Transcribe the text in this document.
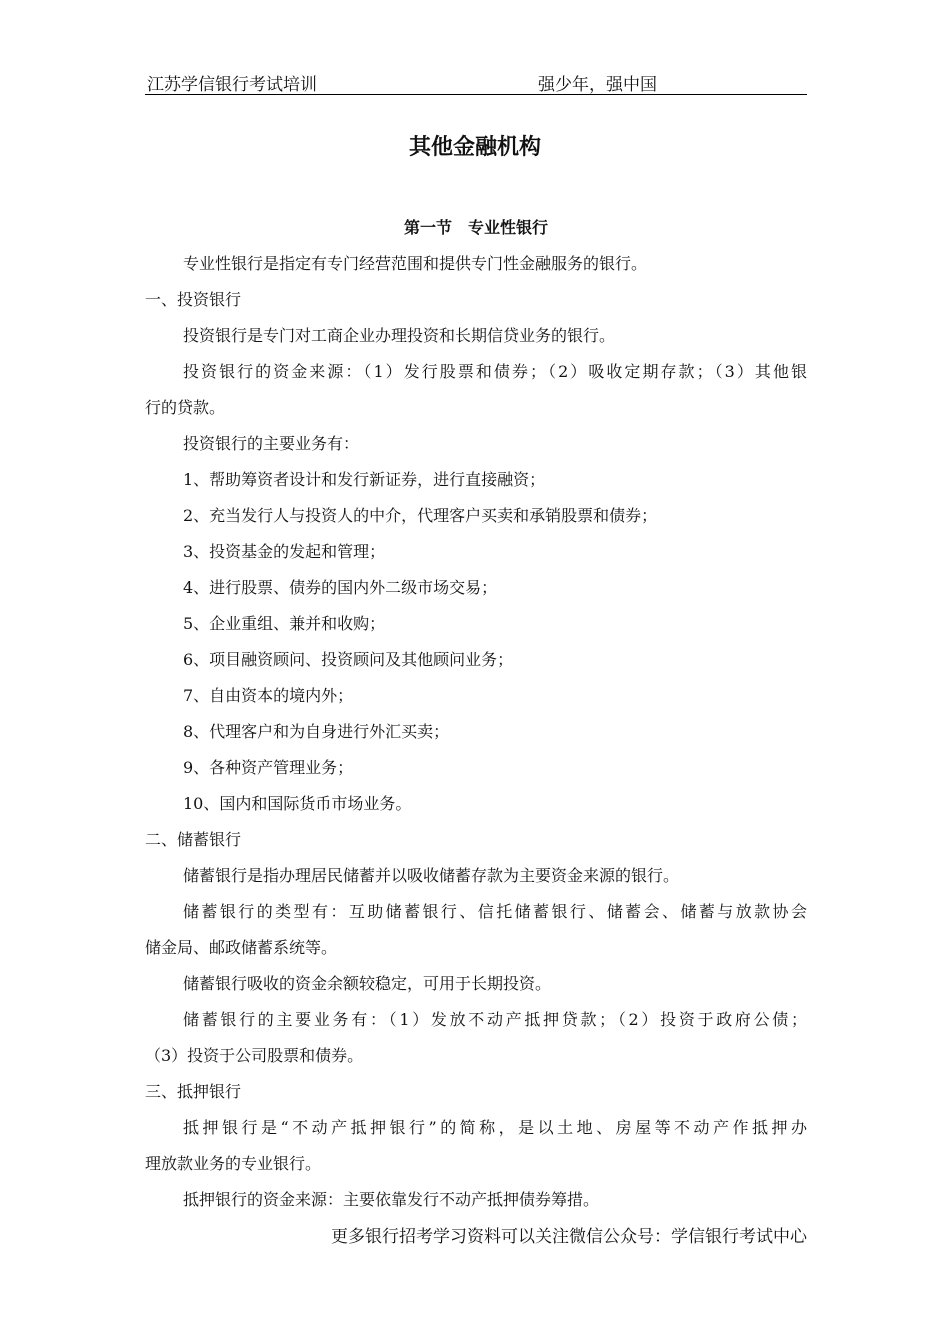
江苏学信银行考试培训	强少年，强中国
其他金融机构
第一节　专业性银行
专业性银行是指定有专门经营范围和提供专门性金融服务的银行。
一、投资银行
投资银行是专门对工商企业办理投资和长期信贷业务的银行。
投资银行的资金来源：（1）发行股票和债券；（2）吸收定期存款；（3）其他银
行的贷款。
投资银行的主要业务有：
1、帮助筹资者设计和发行新证券，进行直接融资；
2、充当发行人与投资人的中介，代理客户买卖和承销股票和债券；
3、投资基金的发起和管理；
4、进行股票、债券的国内外二级市场交易；
5、企业重组、兼并和收购；
6、项目融资顾问、投资顾问及其他顾问业务；
7、自由资本的境内外；
8、代理客户和为自身进行外汇买卖；
9、各种资产管理业务；
10、国内和国际货币市场业务。
二、储蓄银行
储蓄银行是指办理居民储蓄并以吸收储蓄存款为主要资金来源的银行。
储蓄银行的类型有：互助储蓄银行、信托储蓄银行、储蓄会、储蓄与放款协会
储金局、邮政储蓄系统等。
储蓄银行吸收的资金余额较稳定，可用于长期投资。
储蓄银行的主要业务有：（1）发放不动产抵押贷款；（2）投资于政府公债；
（3）投资于公司股票和债券。
三、抵押银行
抵押银行是“不动产抵押银行”的简称，是以土地、房屋等不动产作抵押办
理放款业务的专业银行。
抵押银行的资金来源：主要依靠发行不动产抵押债券筹措。
更多银行招考学习资料可以关注微信公众号：学信银行考试中心
